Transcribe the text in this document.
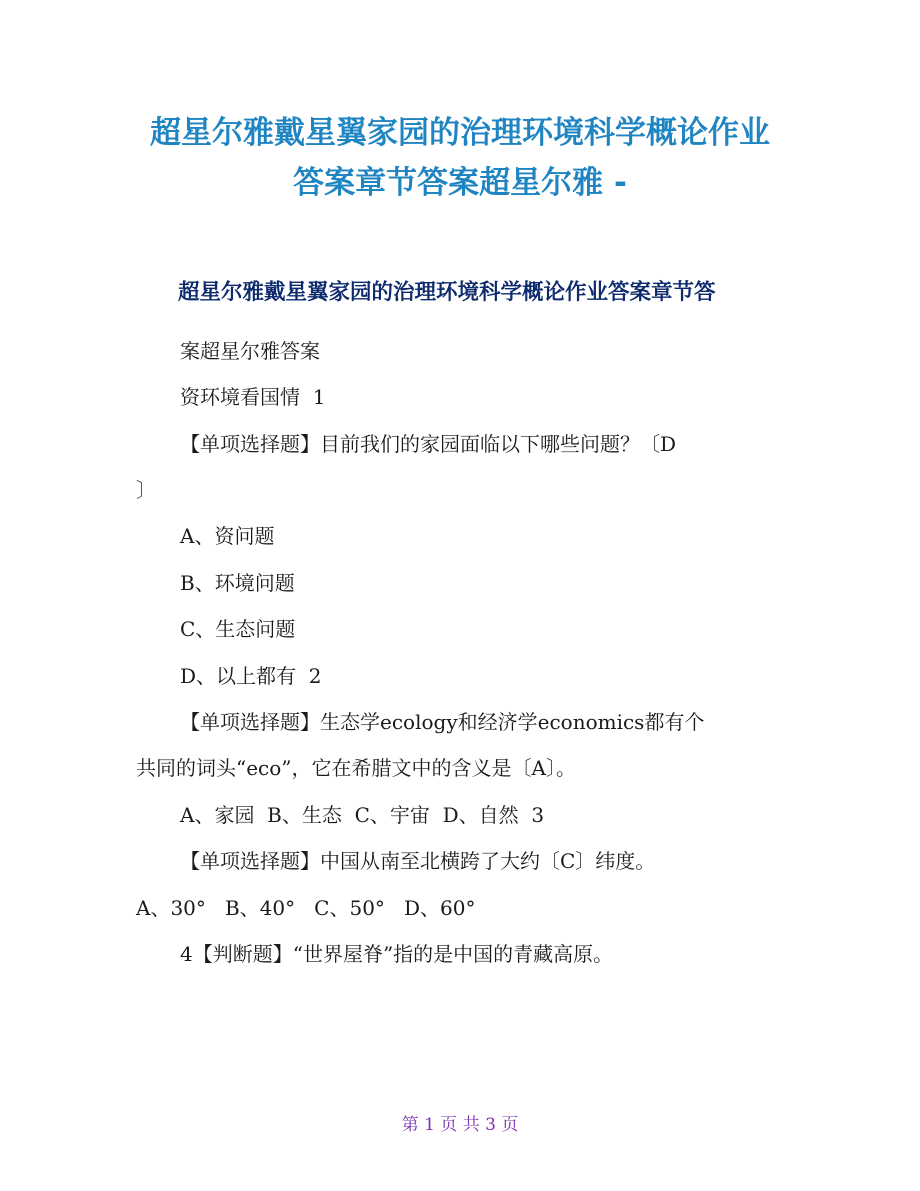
超星尔雅戴星翼家园的治理环境科学概论作业
答案章节答案超星尔雅 -
超星尔雅戴星翼家园的治理环境科学概论作业答案章节答

案超星尔雅答案

资环境看国情  1

【单项选择题】目前我们的家园面临以下哪些问题？〔D

〕

A、资问题

B、环境问题

C、生态问题

D、以上都有  2

【单项选择题】生态学ecology和经济学economics都有个

共同的词头“eco”，它在希腊文中的含义是〔A〕。

A、家园  B、生态  C、宇宙  D、自然  3

【单项选择题】中国从南至北横跨了大约〔C〕纬度。

A、30°   B、40°   C、50°   D、60°

4【判断题】“世界屋脊”指的是中国的青藏高原。

第 1 页 共 3 页
